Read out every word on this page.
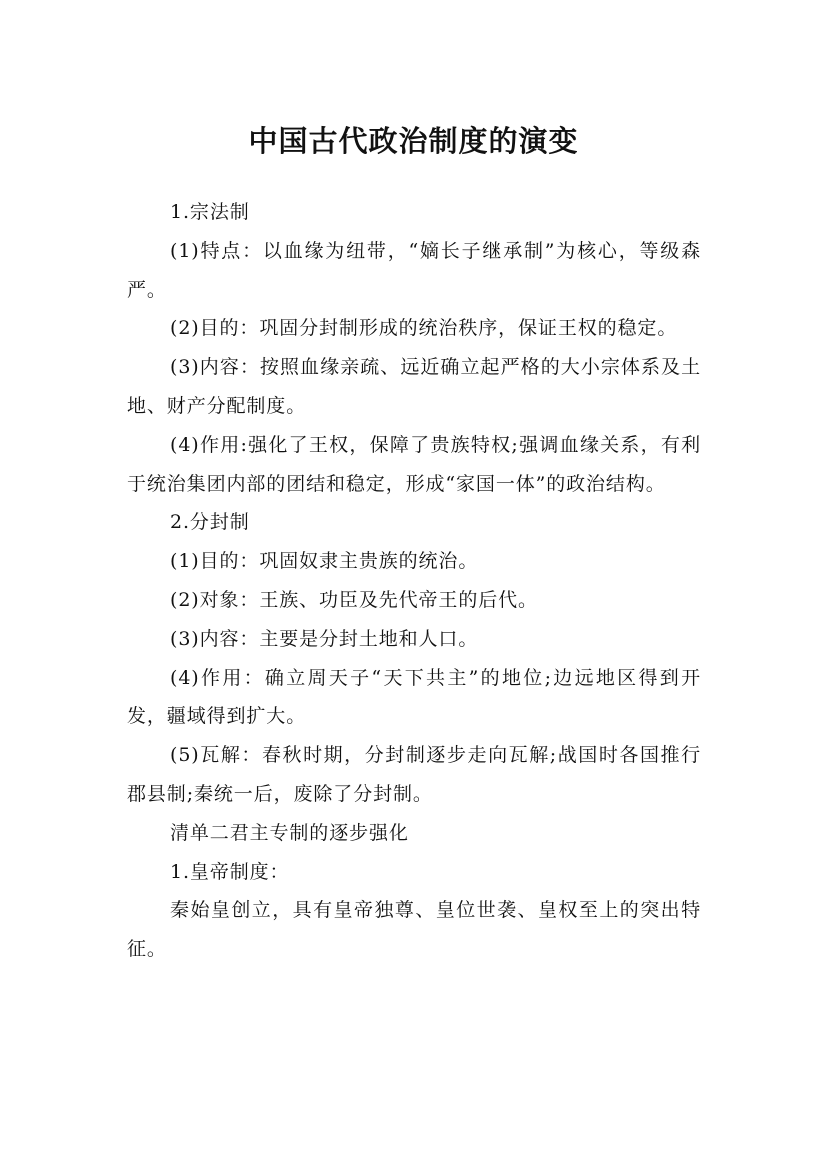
中国古代政治制度的演变

1.宗法制

(1)特点：以血缘为纽带，“嫡长子继承制”为核心，等级森严。

(2)目的：巩固分封制形成的统治秩序，保证王权的稳定。

(3)内容：按照血缘亲疏、远近确立起严格的大小宗体系及土地、财产分配制度。

(4)作用:强化了王权，保障了贵族特权;强调血缘关系，有利于统治集团内部的团结和稳定，形成“家国一体”的政治结构。

2.分封制

(1)目的：巩固奴隶主贵族的统治。

(2)对象：王族、功臣及先代帝王的后代。

(3)内容：主要是分封土地和人口。

(4)作用：确立周天子“天下共主”的地位;边远地区得到开发，疆域得到扩大。

(5)瓦解：春秋时期，分封制逐步走向瓦解;战国时各国推行郡县制;秦统一后，废除了分封制。

清单二君主专制的逐步强化

1.皇帝制度：

秦始皇创立，具有皇帝独尊、皇位世袭、皇权至上的突出特征。
